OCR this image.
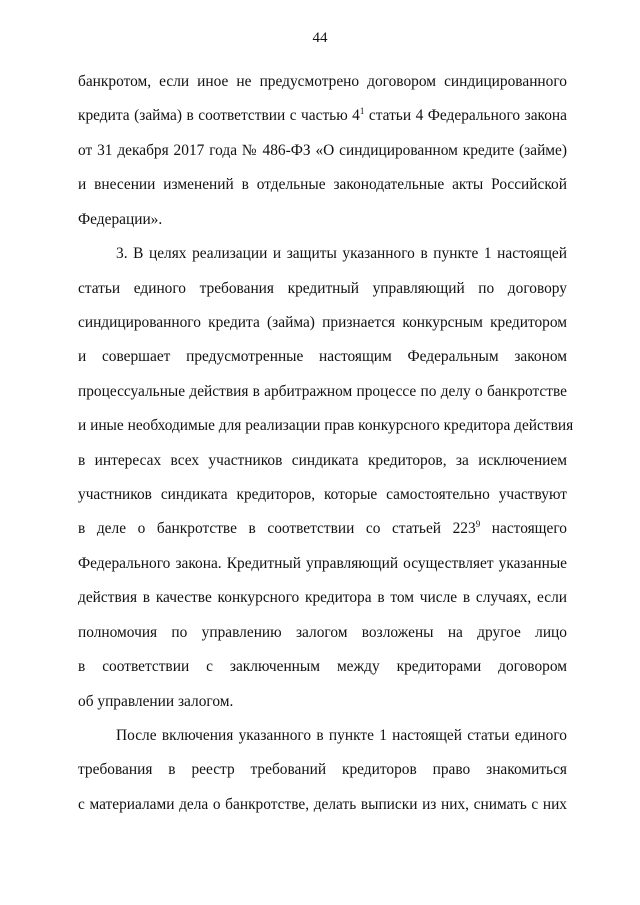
44
банкротом, если иное не предусмотрено договором синдицированного
кредита (займа) в соответствии с частью $4^1$ статьи 4 Федерального закона
от 31 декабря 2017 года № 486-ФЗ «О синдицированном кредите (займе)
и внесении изменений в отдельные законодательные акты Российской
Федерации».
3. В целях реализации и защиты указанного в пункте 1 настоящей
статьи единого требования кредитный управляющий по договору
синдицированного кредита (займа) признается конкурсным кредитором
и совершает предусмотренные настоящим Федеральным законом
процессуальные действия в арбитражном процессе по делу о банкротстве
и иные необходимые для реализации прав конкурсного кредитора действия
в интересах всех участников синдиката кредиторов, за исключением
участников синдиката кредиторов, которые самостоятельно участвуют
в деле о банкротстве в соответствии со статьей $223^9$ настоящего
Федерального закона. Кредитный управляющий осуществляет указанные
действия в качестве конкурсного кредитора в том числе в случаях, если
полномочия по управлению залогом возложены на другое лицо
в соответствии с заключенным между кредиторами договором
об управлении залогом.
После включения указанного в пункте 1 настоящей статьи единого
требования в реестр требований кредиторов право знакомиться
с материалами дела о банкротстве, делать выписки из них, снимать с них
